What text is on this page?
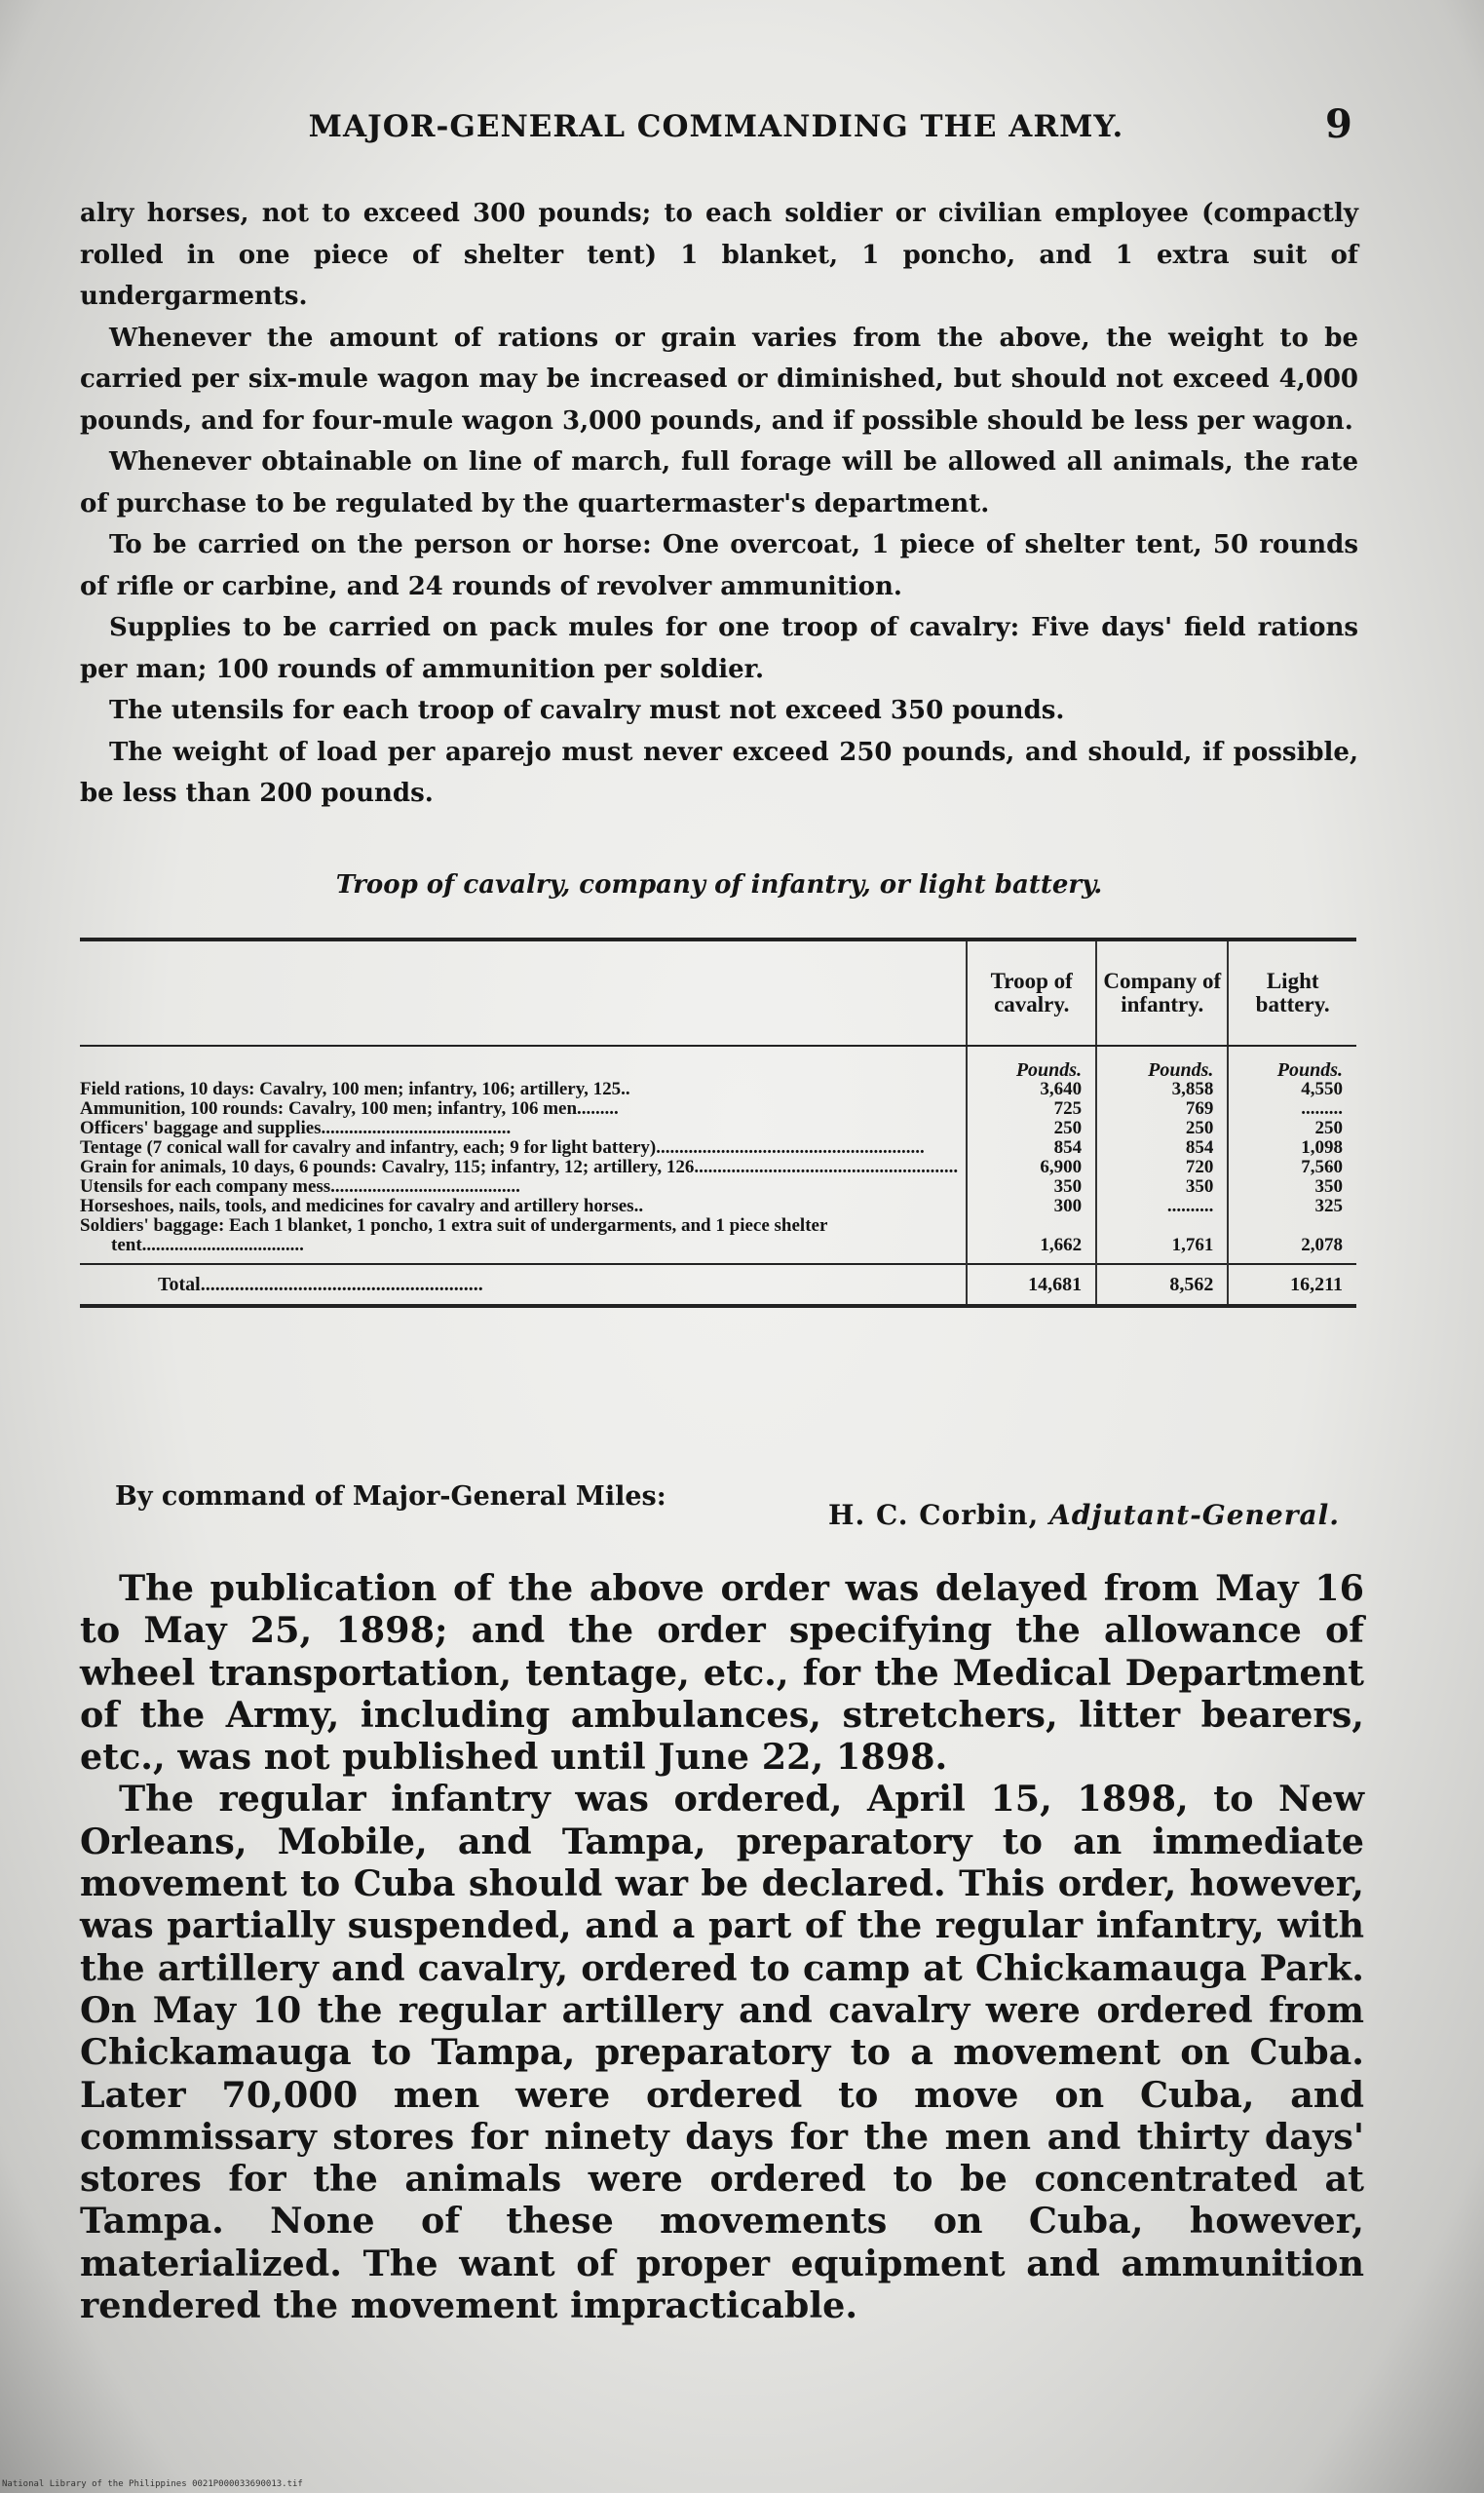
MAJOR-GENERAL COMMANDING THE ARMY.	9

alry horses, not to exceed 300 pounds; to each soldier or civilian employee (compactly rolled in one piece of shelter tent) 1 blanket, 1 poncho, and 1 extra suit of undergarments.

Whenever the amount of rations or grain varies from the above, the weight to be carried per six-mule wagon may be increased or diminished, but should not exceed 4,000 pounds, and for four-mule wagon 3,000 pounds, and if possible should be less per wagon.

Whenever obtainable on line of march, full forage will be allowed all animals, the rate of purchase to be regulated by the quartermaster's department.

To be carried on the person or horse: One overcoat, 1 piece of shelter tent, 50 rounds of rifle or carbine, and 24 rounds of revolver ammunition.

Supplies to be carried on pack mules for one troop of cavalry: Five days' field rations per man; 100 rounds of ammunition per soldier.

The utensils for each troop of cavalry must not exceed 350 pounds.

The weight of load per aparejo must never exceed 250 pounds, and should, if possible, be less than 200 pounds.

Troop of cavalry, company of infantry, or light battery.
	Troop of cavalry.	Company of infantry.	Light battery.
	Pounds.	Pounds.	Pounds.
Field rations, 10 days: Cavalry, 100 men; infantry, 106; artillery, 125..	3,640	3,858	4,550
Ammunition, 100 rounds: Cavalry, 100 men; infantry, 106 men.........	725	769	.........
Officers' baggage and supplies.........................................	250	250	250
Tentage (7 conical wall for cavalry and infantry, each; 9 for light battery)..........................................................	854	854	1,098
Grain for animals, 10 days, 6 pounds: Cavalry, 115; infantry, 12; artillery, 126.........................................................	6,900	720	7,560
Utensils for each company mess.........................................	350	350	350
Horseshoes, nails, tools, and medicines for cavalry and artillery horses..	300	..........	325
Soldiers' baggage: Each 1 blanket, 1 poncho, 1 extra suit of undergarments, and 1 piece shelter tent...................................	1,662	1,761	2,078
Total..........................................................	14,681	8,562	16,211
By command of Major-General Miles:
H. C. Corbin, Adjutant-General.

The publication of the above order was delayed from May 16 to May 25, 1898; and the order specifying the allowance of wheel transportation, tentage, etc., for the Medical Department of the Army, including ambulances, stretchers, litter bearers, etc., was not published until June 22, 1898.

The regular infantry was ordered, April 15, 1898, to New Orleans, Mobile, and Tampa, preparatory to an immediate movement to Cuba should war be declared. This order, however, was partially suspended, and a part of the regular infantry, with the artillery and cavalry, ordered to camp at Chickamauga Park. On May 10 the regular artillery and cavalry were ordered from Chickamauga to Tampa, preparatory to a movement on Cuba. Later 70,000 men were ordered to move on Cuba, and commissary stores for ninety days for the men and thirty days' stores for the animals were ordered to be concentrated at Tampa. None of these movements on Cuba, however, materialized. The want of proper equipment and ammunition rendered the movement impracticable.

National Library of the Philippines 0021P000033690013.tif
